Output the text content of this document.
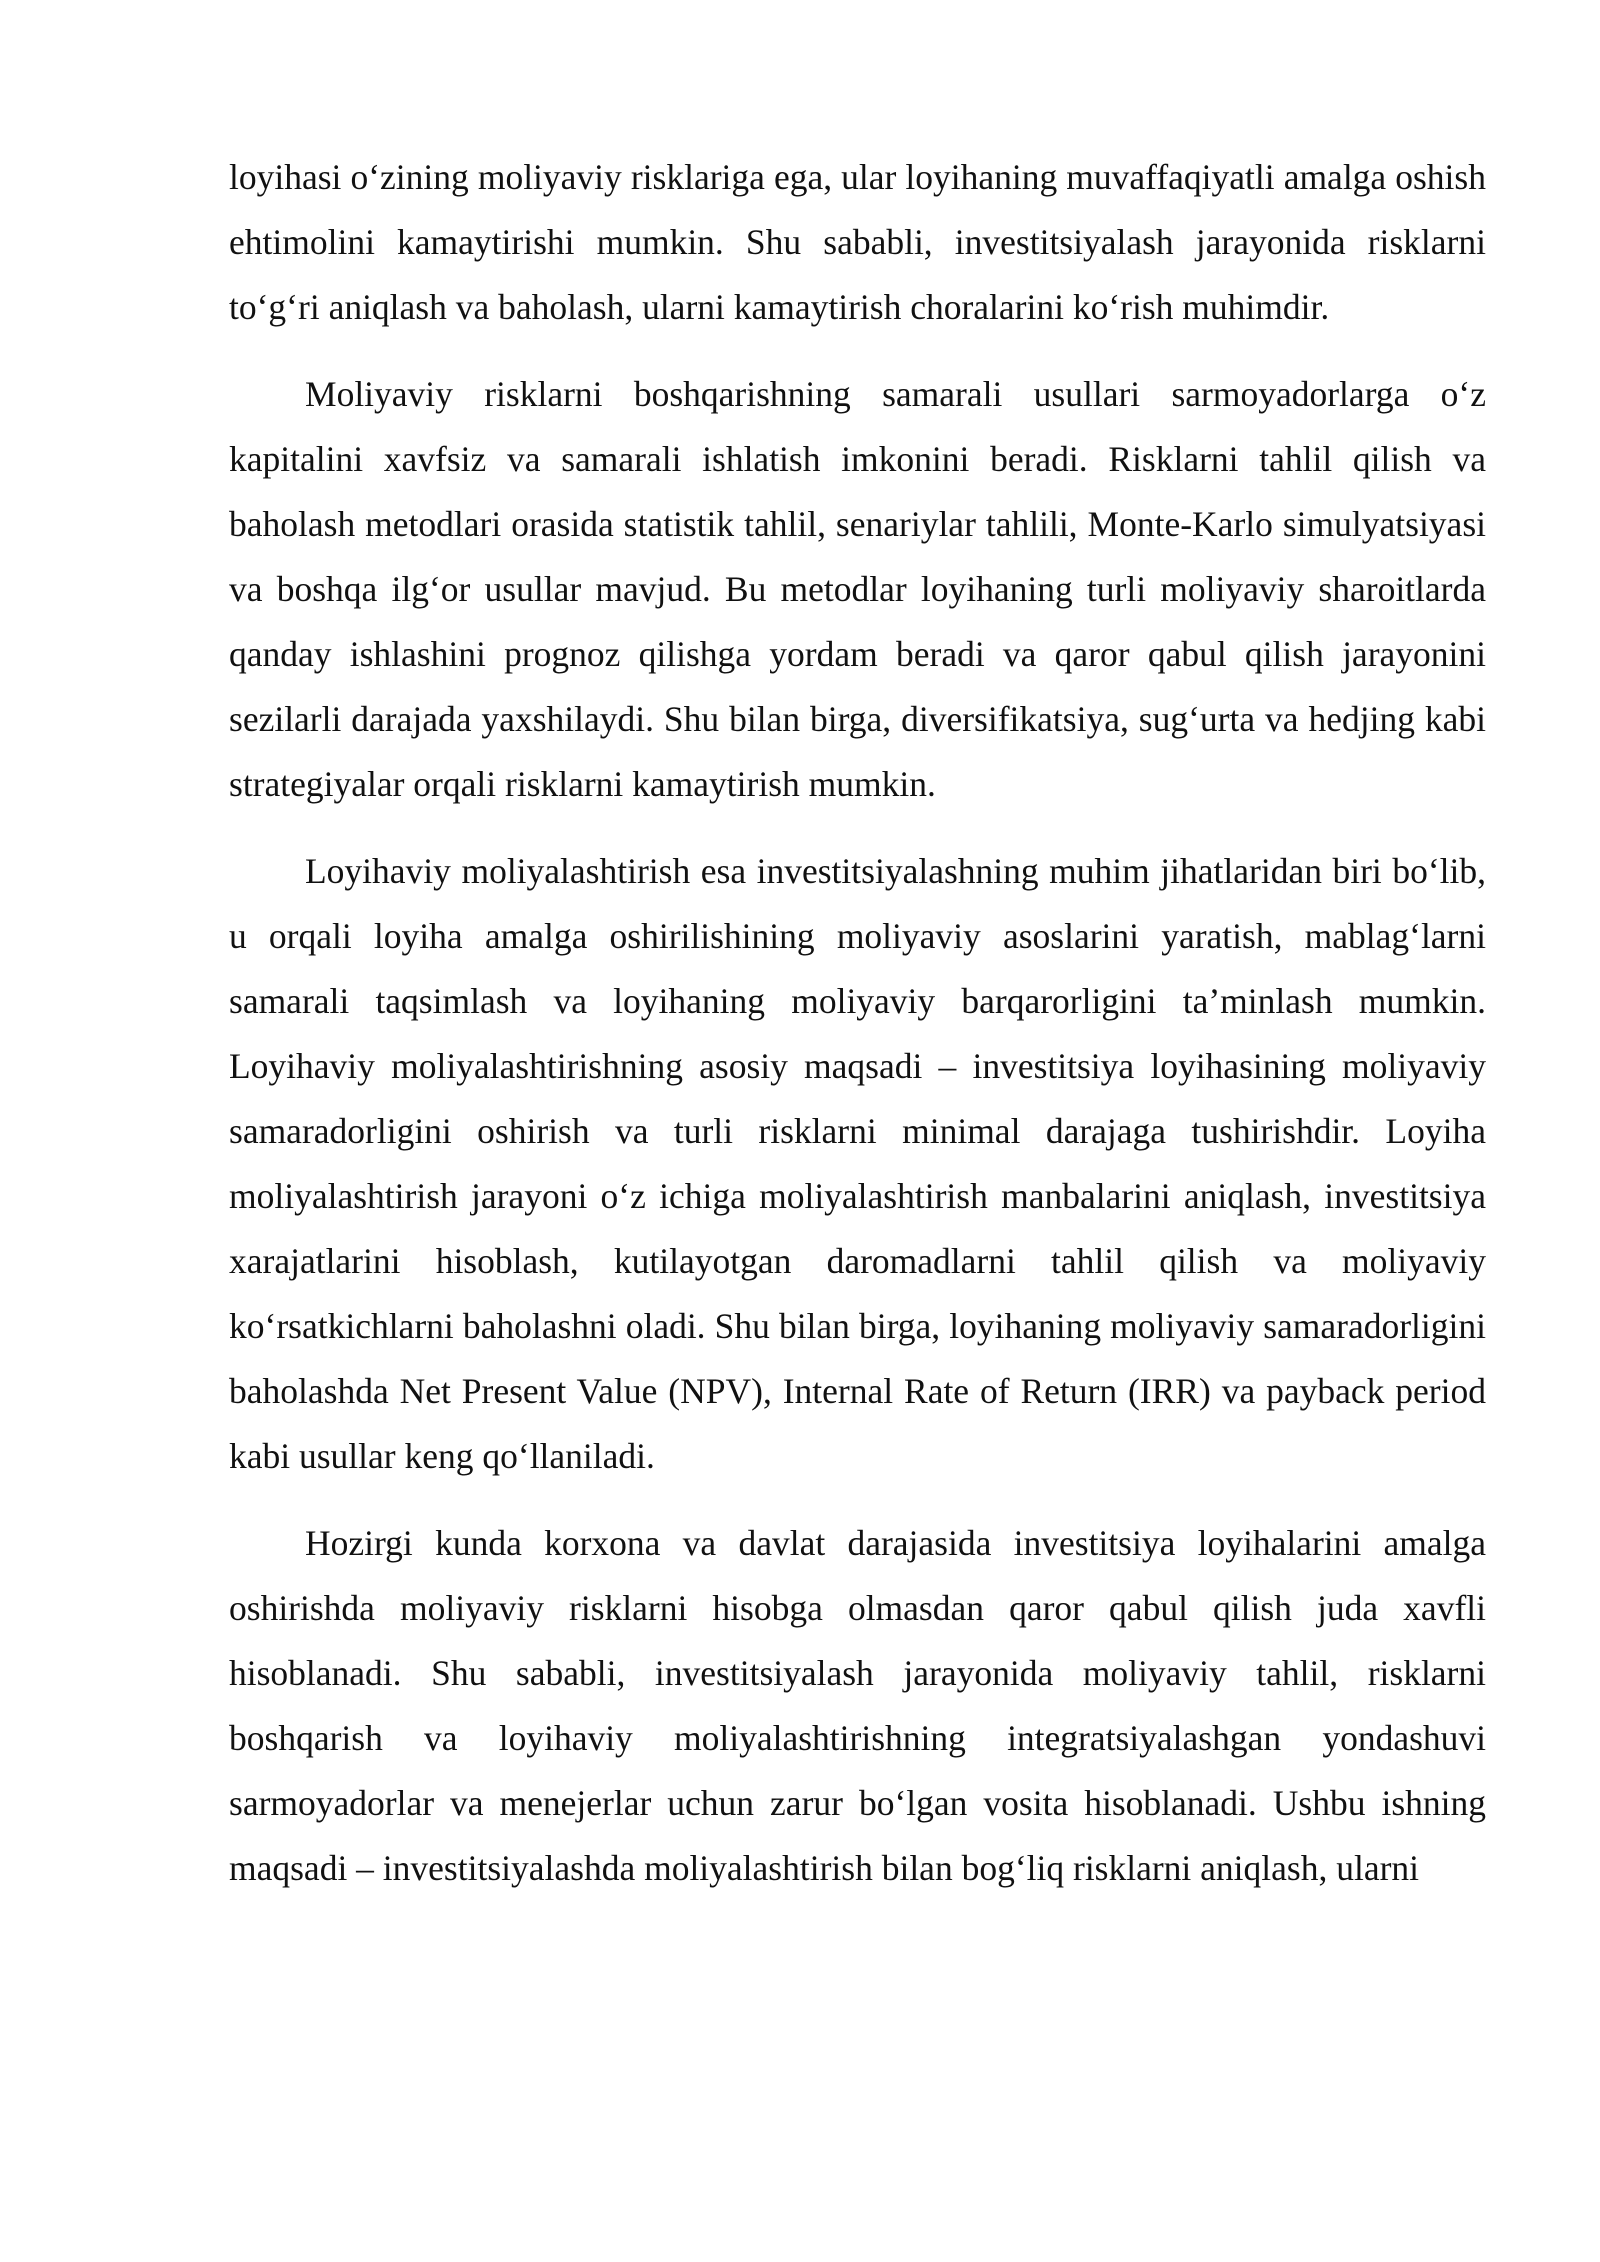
loyihasi o‘zining moliyaviy risklariga ega, ular loyihaning muvaffaqiyatli amalga oshish ehtimolini kamaytirishi mumkin. Shu sababli, investitsiyalash jarayonida risklarni to‘g‘ri aniqlash va baholash, ularni kamaytirish choralarini ko‘rish muhimdir.

Moliyaviy risklarni boshqarishning samarali usullari sarmoyadorlarga o‘z kapitalini xavfsiz va samarali ishlatish imkonini beradi. Risklarni tahlil qilish va baholash metodlari orasida statistik tahlil, senariylar tahlili, Monte-Karlo simulyatsiyasi va boshqa ilg‘or usullar mavjud. Bu metodlar loyihaning turli moliyaviy sharoitlarda qanday ishlashini prognoz qilishga yordam beradi va qaror qabul qilish jarayonini sezilarli darajada yaxshilaydi. Shu bilan birga, diversifikatsiya, sug‘urta va hedjing kabi strategiyalar orqali risklarni kamaytirish mumkin.

Loyihaviy moliyalashtirish esa investitsiyalashning muhim jihatlaridan biri bo‘lib, u orqali loyiha amalga oshirilishining moliyaviy asoslarini yaratish, mablag‘larni samarali taqsimlash va loyihaning moliyaviy barqarorligini ta’minlash mumkin. Loyihaviy moliyalashtirishning asosiy maqsadi – investitsiya loyihasining moliyaviy samaradorligini oshirish va turli risklarni minimal darajaga tushirishdir. Loyiha moliyalashtirish jarayoni o‘z ichiga moliyalashtirish manbalarini aniqlash, investitsiya xarajatlarini hisoblash, kutilayotgan daromadlarni tahlil qilish va moliyaviy ko‘rsatkichlarni baholashni oladi. Shu bilan birga, loyihaning moliyaviy samaradorligini baholashda Net Present Value (NPV), Internal Rate of Return (IRR) va payback period kabi usullar keng qo‘llaniladi.

Hozirgi kunda korxona va davlat darajasida investitsiya loyihalarini amalga oshirishda moliyaviy risklarni hisobga olmasdan qaror qabul qilish juda xavfli hisoblanadi. Shu sababli, investitsiyalash jarayonida moliyaviy tahlil, risklarni boshqarish va loyihaviy moliyalashtirishning integratsiyalashgan yondashuvi sarmoyadorlar va menejerlar uchun zarur bo‘lgan vosita hisoblanadi. Ushbu ishning maqsadi – investitsiyalashda moliyalashtirish bilan bog‘liq risklarni aniqlash, ularni
